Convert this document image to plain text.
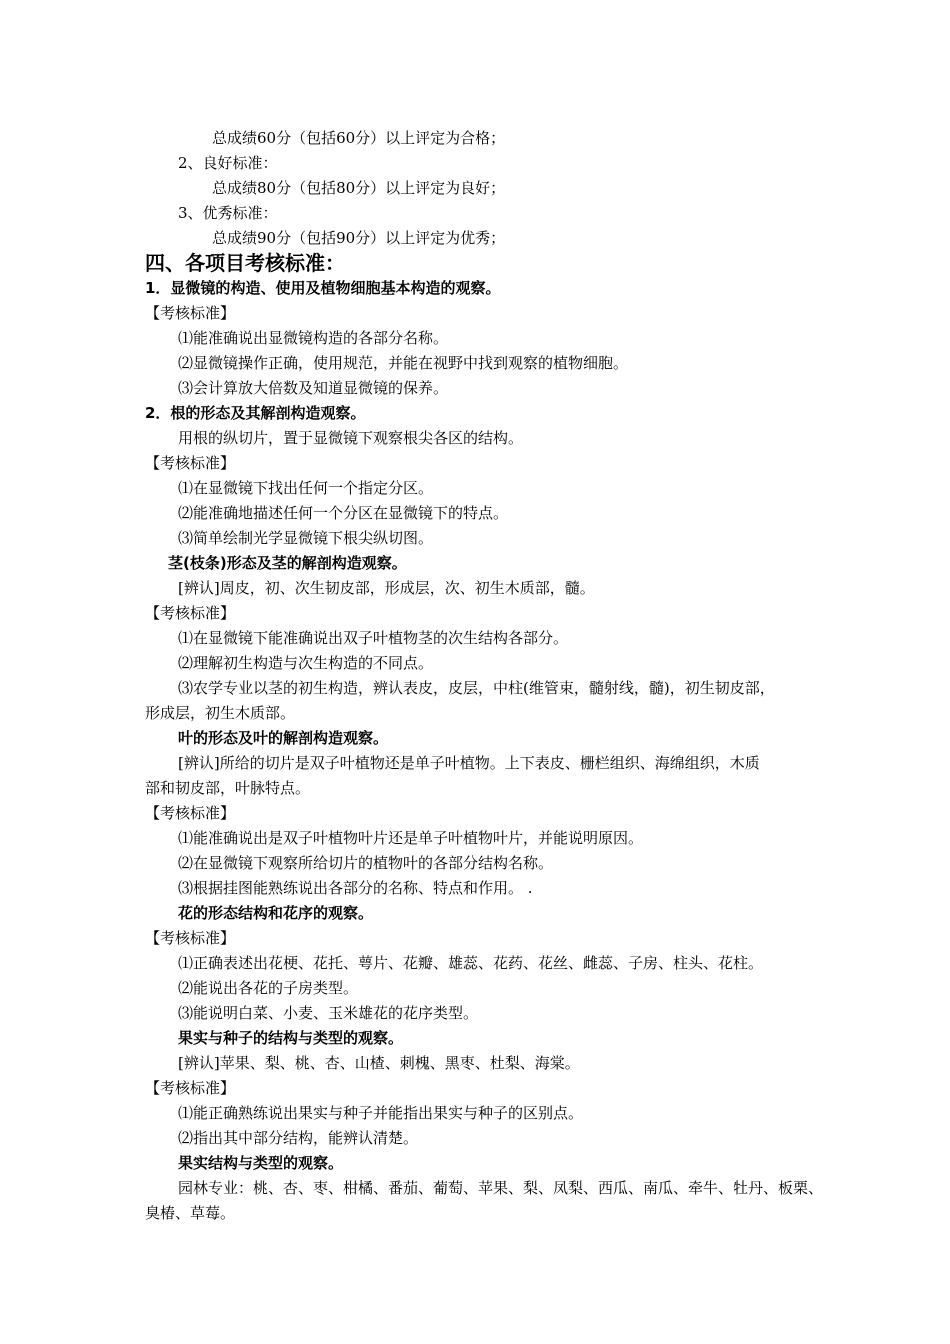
总成绩60分（包括60分）以上评定为合格；
2、良好标准：
总成绩80分（包括80分）以上评定为良好；
3、优秀标准：
总成绩90分（包括90分）以上评定为优秀；
四、各项目考核标准：
1．显微镜的构造、使用及植物细胞基本构造的观察。
【考核标准】
⑴能准确说出显微镜构造的各部分名称。
⑵显微镜操作正确，使用规范，并能在视野中找到观察的植物细胞。
⑶会计算放大倍数及知道显微镜的保养。
2．根的形态及其解剖构造观察。
用根的纵切片，置于显微镜下观察根尖各区的结构。
【考核标准】
⑴在显微镜下找出任何一个指定分区。
⑵能准确地描述任何一个分区在显微镜下的特点。
⑶简单绘制光学显微镜下根尖纵切图。
茎(枝条)形态及茎的解剖构造观察。
[辨认]周皮，初、次生韧皮部，形成层，次、初生木质部，髓。
【考核标准】
⑴在显微镜下能准确说出双子叶植物茎的次生结构各部分。
⑵理解初生构造与次生构造的不同点。
⑶农学专业以茎的初生构造，辨认表皮，皮层，中柱(维管束，髓射线，髓)，初生韧皮部，
形成层，初生木质部。
叶的形态及叶的解剖构造观察。
[辨认]所给的切片是双子叶植物还是单子叶植物。上下表皮、栅栏组织、海绵组织，木质
部和韧皮部，叶脉特点。
【考核标准】
⑴能准确说出是双子叶植物叶片还是单子叶植物叶片，并能说明原因。
⑵在显微镜下观察所给切片的植物叶的各部分结构名称。
⑶根据挂图能熟练说出各部分的名称、特点和作用。 .
花的形态结构和花序的观察。
【考核标准】
⑴正确表述出花梗、花托、萼片、花瓣、雄蕊、花药、花丝、雌蕊、子房、柱头、花柱。
⑵能说出各花的子房类型。
⑶能说明白菜、小麦、玉米雄花的花序类型。
果实与种子的结构与类型的观察。
[辨认]苹果、梨、桃、杏、山楂、刺槐、黑枣、杜梨、海棠。
【考核标准】
⑴能正确熟练说出果实与种子并能指出果实与种子的区别点。
⑵指出其中部分结构，能辨认清楚。
果实结构与类型的观察。
园林专业：桃、杏、枣、柑橘、番茄、葡萄、苹果、梨、凤梨、西瓜、南瓜、牵牛、牡丹、板栗、
臭椿、草莓。
